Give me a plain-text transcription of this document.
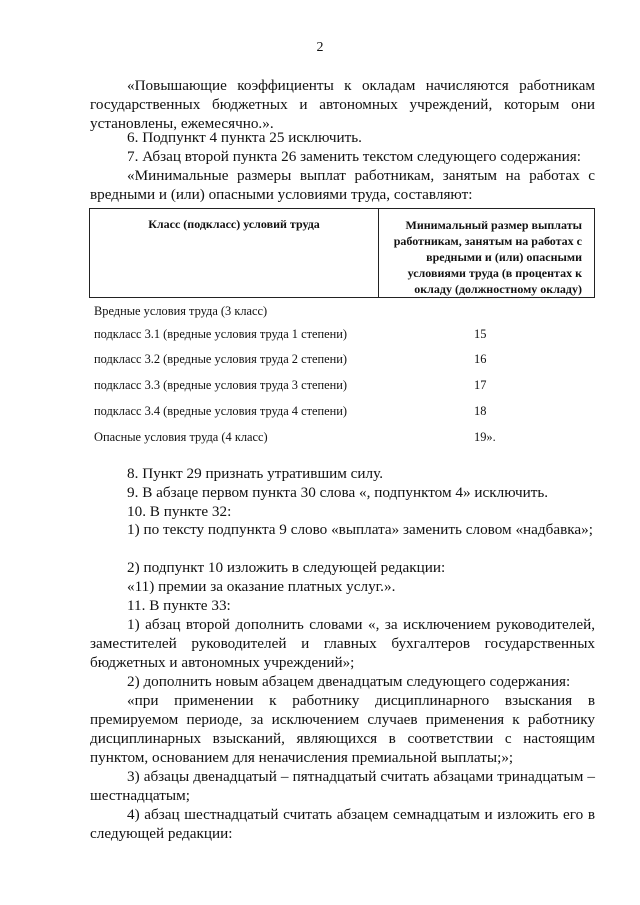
2
«Повышающие коэффициенты к окладам начисляются работникам государственных бюджетных и автономных учреждений, которым они установлены, ежемесячно.».
6. Подпункт 4 пункта 25 исключить.
7. Абзац второй пункта 26 заменить текстом следующего содержания:
«Минимальные размеры выплат работникам, занятым на работах с вредными и (или) опасными условиями труда, составляют:
Класс (подкласс) условий труда	Минимальный размер выплаты работникам, занятым на работах с вредными и (или) опасными условиями труда (в процентах к окладу (должностному окладу)
Вредные условия труда (3 класс)
подкласс 3.1 (вредные условия труда 1 степени)	15
подкласс 3.2 (вредные условия труда 2 степени)	16
подкласс 3.3 (вредные условия труда 3 степени)	17
подкласс 3.4 (вредные условия труда 4 степени)	18
Опасные условия труда (4 класс)	19».
8. Пункт 29 признать утратившим силу.
9. В абзаце первом пункта 30 слова «, подпунктом 4» исключить.
10. В пункте 32:
1) по тексту подпункта 9 слово «выплата» заменить словом «надбавка»;
2) подпункт 10 изложить в следующей редакции:
«11) премии за оказание платных услуг.».
11. В пункте 33:
1) абзац второй дополнить словами «, за исключением руководителей, заместителей руководителей и главных бухгалтеров государственных бюджетных и автономных учреждений»;
2) дополнить новым абзацем двенадцатым следующего содержания:
«при применении к работнику дисциплинарного взыскания в премируемом периоде, за исключением случаев применения к работнику дисциплинарных взысканий, являющихся в соответствии с настоящим пунктом, основанием для неначисления премиальной выплаты;»;
3) абзацы двенадцатый – пятнадцатый считать абзацами тринадцатым – шестнадцатым;
4) абзац шестнадцатый считать абзацем семнадцатым и изложить его в следующей редакции:
